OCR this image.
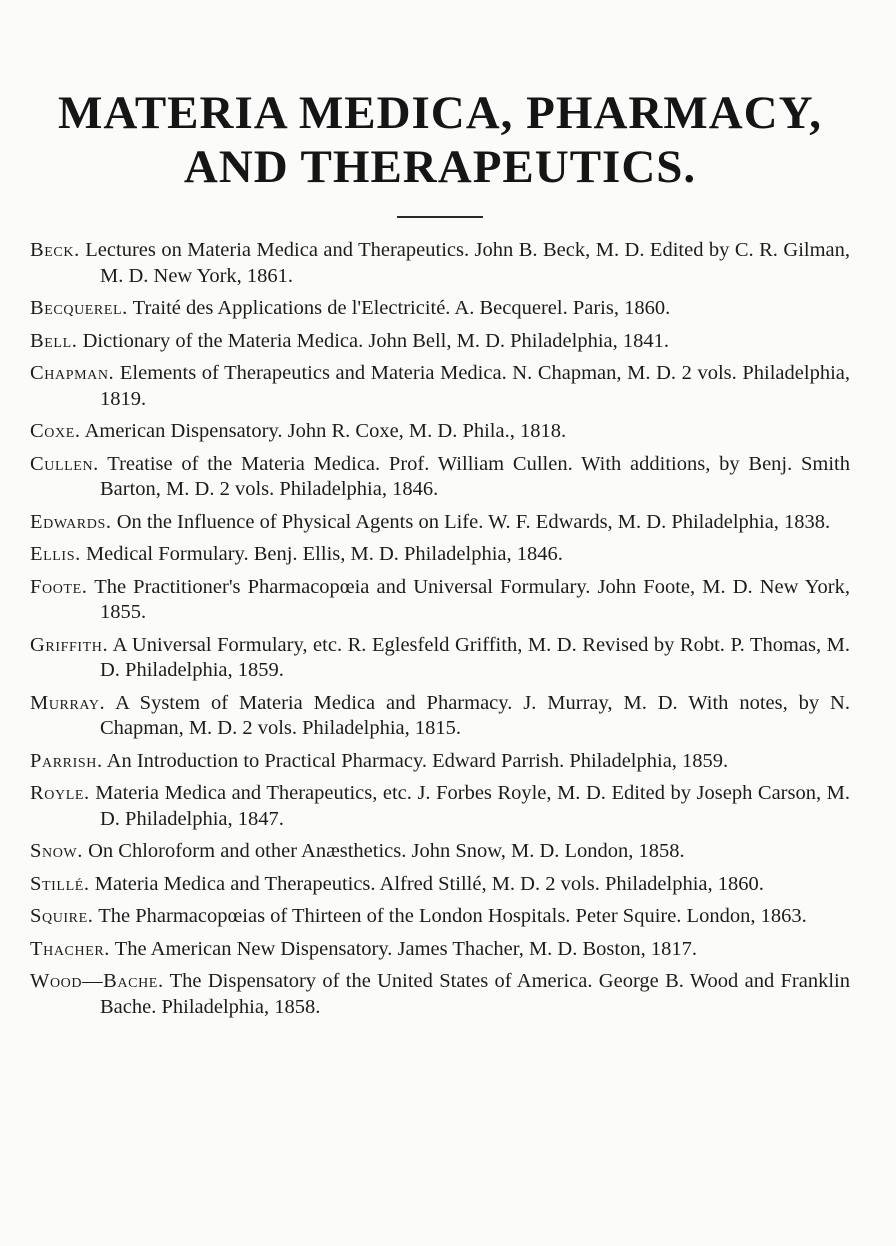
MATERIA MEDICA, PHARMACY,
AND THERAPEUTICS.
Beck. Lectures on Materia Medica and Therapeutics. John B. Beck, M. D. Edited by C. R. Gilman, M. D. New York, 1861.
Becquerel. Traité des Applications de l'Electricité. A. Becquerel. Paris, 1860.
Bell. Dictionary of the Materia Medica. John Bell, M. D. Philadelphia, 1841.
Chapman. Elements of Therapeutics and Materia Medica. N. Chapman, M. D. 2 vols. Philadelphia, 1819.
Coxe. American Dispensatory. John R. Coxe, M. D. Phila., 1818.
Cullen. Treatise of the Materia Medica. Prof. William Cullen. With additions, by Benj. Smith Barton, M. D. 2 vols. Philadelphia, 1846.
Edwards. On the Influence of Physical Agents on Life. W. F. Edwards, M. D. Philadelphia, 1838.
Ellis. Medical Formulary. Benj. Ellis, M. D. Philadelphia, 1846.
Foote. The Practitioner's Pharmacopœia and Universal Formulary. John Foote, M. D. New York, 1855.
Griffith. A Universal Formulary, etc. R. Eglesfeld Griffith, M. D. Revised by Robt. P. Thomas, M. D. Philadelphia, 1859.
Murray. A System of Materia Medica and Pharmacy. J. Murray, M. D. With notes, by N. Chapman, M. D. 2 vols. Philadelphia, 1815.
Parrish. An Introduction to Practical Pharmacy. Edward Parrish. Philadelphia, 1859.
Royle. Materia Medica and Therapeutics, etc. J. Forbes Royle, M. D. Edited by Joseph Carson, M. D. Philadelphia, 1847.
Snow. On Chloroform and other Anæsthetics. John Snow, M. D. London, 1858.
Stillé. Materia Medica and Therapeutics. Alfred Stillé, M. D. 2 vols. Philadelphia, 1860.
Squire. The Pharmacopœias of Thirteen of the London Hospitals. Peter Squire. London, 1863.
Thacher. The American New Dispensatory. James Thacher, M. D. Boston, 1817.
Wood—Bache. The Dispensatory of the United States of America. George B. Wood and Franklin Bache. Philadelphia, 1858.
